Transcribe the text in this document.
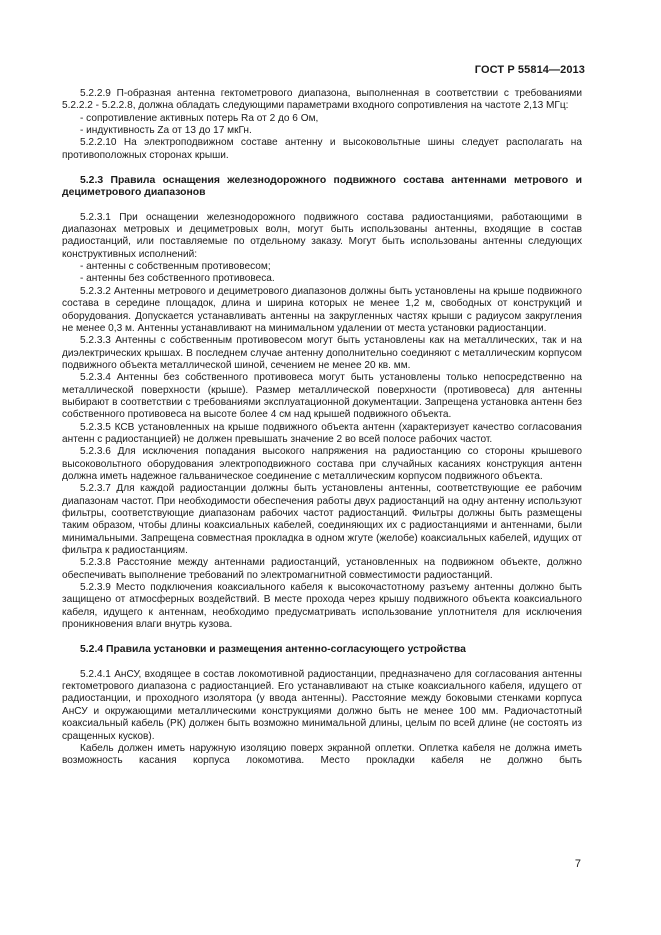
ГОСТ Р 55814—2013

5.2.2.9 П-образная антенна гектометрового диапазона, выполненная в соответствии с требованиями 5.2.2.2 - 5.2.2.8, должна обладать следующими параметрами входного сопротивления на частоте 2,13 МГц:

- сопротивление активных потерь Ra от 2 до 6 Ом,

- индуктивность Za от 13 до 17 мкГн.

5.2.2.10 На электроподвижном составе антенну и высоковольтные шины следует располагать на противоположных сторонах крыши.

5.2.3 Правила оснащения железнодорожного подвижного состава антеннами метрового и дециметрового диапазонов

5.2.3.1 При оснащении железнодорожного подвижного состава радиостанциями, работающими в диапазонах метровых и дециметровых волн, могут быть использованы антенны, входящие в состав радиостанций, или поставляемые по отдельному заказу. Могут быть использованы антенны следующих конструктивных исполнений:

- антенны с собственным противовесом;

- антенны без собственного противовеса.

5.2.3.2 Антенны метрового и дециметрового диапазонов должны быть установлены на крыше подвижного состава в середине площадок, длина и ширина которых не менее 1,2 м, свободных от конструкций и оборудования. Допускается устанавливать антенны на закругленных частях крыши с радиусом закругления не менее 0,3 м. Антенны устанавливают на минимальном удалении от места установки радиостанции.

5.2.3.3 Антенны с собственным противовесом могут быть установлены как на металлических, так и на диэлектрических крышах. В последнем случае антенну дополнительно соединяют с металлическим корпусом подвижного объекта металлической шиной, сечением не менее 20 кв. мм.

5.2.3.4 Антенны без собственного противовеса могут быть установлены только непосредственно на металлической поверхности (крыше). Размер металлической поверхности (противовеса) для антенны выбирают в соответствии с требованиями эксплуатационной документации. Запрещена установка антенн без собственного противовеса на высоте более 4 см над крышей подвижного объекта.

5.2.3.5 КСВ установленных на крыше подвижного объекта антенн (характеризует качество согласования антенн с радиостанцией) не должен превышать значение 2 во всей полосе рабочих частот.

5.2.3.6 Для исключения попадания высокого напряжения на радиостанцию со стороны крышевого высоковольтного оборудования электроподвижного состава при случайных касаниях конструкция антенн должна иметь надежное гальваническое соединение с металлическим корпусом подвижного объекта.

5.2.3.7 Для каждой радиостанции должны быть установлены антенны, соответствующие ее рабочим диапазонам частот. При необходимости обеспечения работы двух радиостанций на одну антенну используют фильтры, соответствующие диапазонам рабочих частот радиостанций. Фильтры должны быть размещены таким образом, чтобы длины коаксиальных кабелей, соединяющих их с радиостанциями и антеннами, были минимальными. Запрещена совместная прокладка в одном жгуте (желобе) коаксиальных кабелей, идущих от фильтра к радиостанциям.

5.2.3.8 Расстояние между антеннами радиостанций, установленных на подвижном объекте, должно обеспечивать выполнение требований по электромагнитной совместимости радиостанций.

5.2.3.9 Место подключения коаксиального кабеля к высокочастотному разъему антенны должно быть защищено от атмосферных воздействий. В месте прохода через крышу подвижного объекта коаксиального кабеля, идущего к антеннам, необходимо предусматривать использование уплотнителя для исключения проникновения влаги внутрь кузова.

5.2.4 Правила установки и размещения антенно-согласующего устройства

5.2.4.1 АнСУ, входящее в состав локомотивной радиостанции, предназначено для согласования антенны гектометрового диапазона с радиостанцией. Его устанавливают на стыке коаксиального кабеля, идущего от радиостанции, и проходного изолятора (у ввода антенны). Расстояние между боковыми стенками корпуса АнСУ и окружающими металлическими конструкциями должно быть не менее 100 мм. Радиочастотный коаксиальный кабель (РК) должен быть возможно минимальной длины, целым по всей длине (не состоять из сращенных кусков).

Кабель должен иметь наружную изоляцию поверх экранной оплетки. Оплетка кабеля не должна иметь возможность касания корпуса локомотива. Место прокладки кабеля не должно быть

7
